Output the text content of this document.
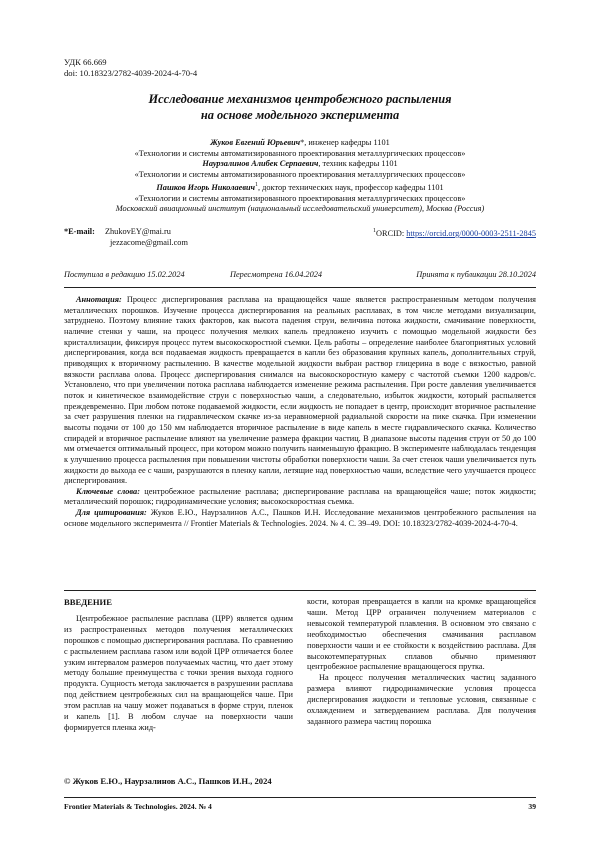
УДК 66.669
doi: 10.18323/2782-4039-2024-4-70-4
Исследование механизмов центробежного распыления
на основе модельного эксперимента
Жуков Евгений Юрьевич*, инженер кафедры 1101
«Технологии и системы автоматизированного проектирования металлургических процессов»
Наурзалинов Алибек Серпаевич, техник кафедры 1101
«Технологии и системы автоматизированного проектирования металлургических процессов»
Пашков Игорь Николаевич$^1$, доктор технических наук, профессор кафедры 1101
«Технологии и системы автоматизированного проектирования металлургических процессов»
Московский авиационный институт (национальный исследовательский университет), Москва (Россия)
*E-mail: ZhukovEY@mai.ru
jezzacome@gmail.com
$^1$ORCID: https://orcid.org/0000-0003-2511-2845
Поступила в редакцию 15.02.2024	Пересмотрена 16.04.2024	Принята к публикации 28.10.2024

Аннотация: Процесс диспергирования расплава на вращающейся чаше является распространенным методом получения металлических порошков. Изучение процесса диспергирования на реальных расплавах, в том числе методами визуализации, затруднено. Поэтому влияние таких факторов, как высота падения струи, величина потока жидкости, смачивание поверхности, наличие стенки у чаши, на процесс получения мелких капель предложено изучить с помощью модельной жидкости без кристаллизации, фиксируя процесс путем высокоскоростной съемки. Цель работы – определение наиболее благоприятных условий диспергирования, когда вся подаваемая жидкость превращается в капли без образования крупных капель, дополнительных струй, приводящих к вторичному распылению. В качестве модельной жидкости выбран раствор глицерина в воде с вязкостью, равной вязкости расплава олова. Процесс диспергирования снимался на высокоскоростную камеру с частотой съемки 1200 кадров/с. Установлено, что при увеличении потока расплава наблюдается изменение режима распыления. При росте давления увеличивается поток и кинетическое взаимодействие струи с поверхностью чаши, а следовательно, избыток жидкости, который распыляется преждевременно. При любом потоке подаваемой жидкости, если жидкость не попадает в центр, происходит вторичное распыление за счет разрушения пленки на гидравлическом скачке из-за неравномерной радиальной скорости на пике скачка. При изменении высоты подачи от 100 до 150 мм наблюдается вторичное распыление в виде капель в месте гидравлического скачка. Количество спирадей и вторичное распыление влияют на увеличение размера фракции частиц. В диапазоне высоты падения струи от 50 до 100 мм отмечается оптимальный процесс, при котором можно получить наименьшую фракцию. В эксперименте наблюдалась тенденция к улучшению процесса распыления при повышении чистоты обработки поверхности чаши. За счет стенок чаши увеличивается путь жидкости до выхода ее с чаши, разрушаются в пленку капли, летящие над поверхностью чаши, вследствие чего улучшается процесс диспергирования.

Ключевые слова: центробежное распыление расплава; диспергирование расплава на вращающейся чаше; поток жидкости; металлический порошок; гидродинамические условия; высокоскоростная съемка.

Для цитирования: Жуков Е.Ю., Наурзалинов А.С., Пашков И.Н. Исследование механизмов центробежного распыления на основе модельного эксперимента // Frontier Materials & Technologies. 2024. № 4. С. 39–49. DOI: 10.18323/2782-4039-2024-4-70-4.

ВВЕДЕНИЕ

Центробежное распыление расплава (ЦРР) является одним из распространенных методов получения металлических порошков с помощью диспергирования расплава. По сравнению с распылением расплава газом или водой ЦРР отличается более узким интервалом размеров получаемых частиц, что дает этому методу большие преимущества с точки зрения выхода годного продукта. Сущность метода заключается в разрушении расплава под действием центробежных сил на вращающейся чаше. При этом расплав на чашу может подаваться в форме струи, пленок и капель [1]. В любом случае на поверхности чаши формируется пленка жид-

кости, которая превращается в капли на кромке вращающейся чаши. Метод ЦРР ограничен получением материалов с невысокой температурой плавления. В основном это связано с необходимостью обеспечения смачивания расплавом поверхности чаши и ее стойкости к воздействию расплава. Для высокотемпературных сплавов обычно применяют центробежное распыление вращающегося прутка.

На процесс получения металлических частиц заданного размера влияют гидродинамические условия процесса диспергирования жидкости и тепловые условия, связанные с охлаждением и затвердеванием расплава. Для получения заданного размера частиц порошка

© Жуков Е.Ю., Наурзалинов А.С., Пашков И.Н., 2024
Frontier Materials & Technologies. 2024. № 4	39
